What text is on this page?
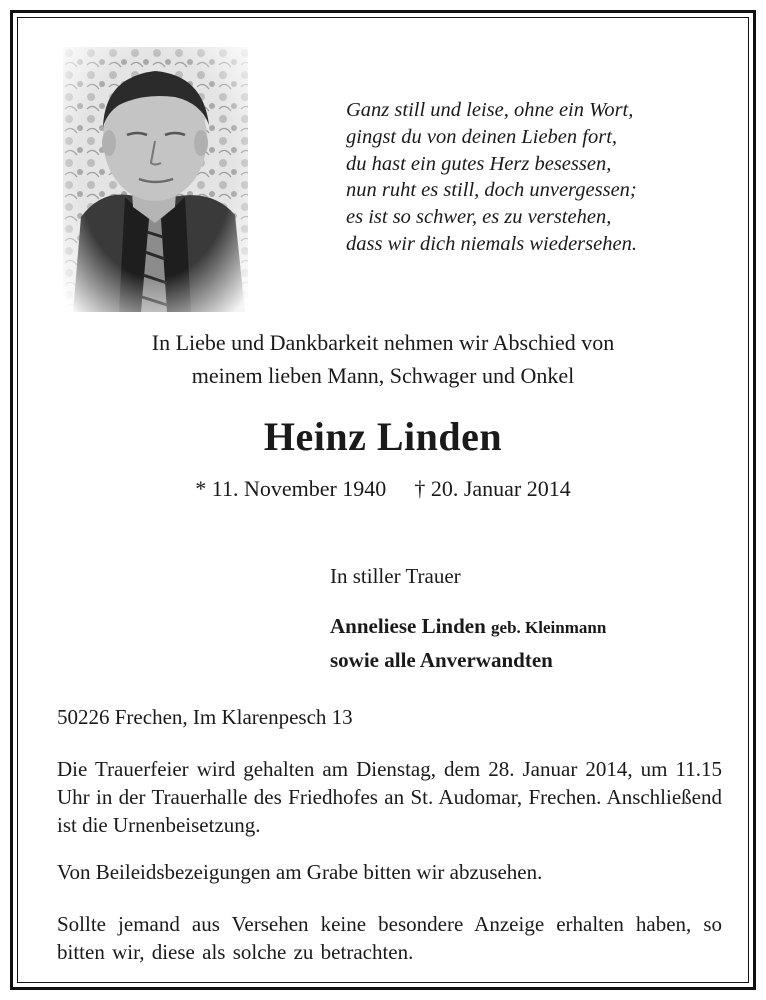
Ganz still und leise, ohne ein Wort,
gingst du von deinen Lieben fort,
du hast ein gutes Herz besessen,
nun ruht es still, doch unvergessen;
es ist so schwer, es zu verstehen,
dass wir dich niemals wiedersehen.
In Liebe und Dankbarkeit nehmen wir Abschied von
meinem lieben Mann, Schwager und Onkel
Heinz Linden
* 11. November 1940 † 20. Januar 2014
In stiller Trauer
Anneliese Linden geb. Kleinmann
sowie alle Anverwandten
50226 Frechen, Im Klarenpesch 13
Die Trauerfeier wird gehalten am Dienstag, dem 28. Januar 2014, um 11.15 Uhr in der Trauerhalle des Friedhofes an St. Audomar, Frechen. Anschließend ist die Urnenbeisetzung.
Von Beileidsbezeigungen am Grabe bitten wir abzusehen.
Sollte jemand aus Versehen keine besondere Anzeige erhalten haben, so bitten wir, diese als solche zu betrachten.
